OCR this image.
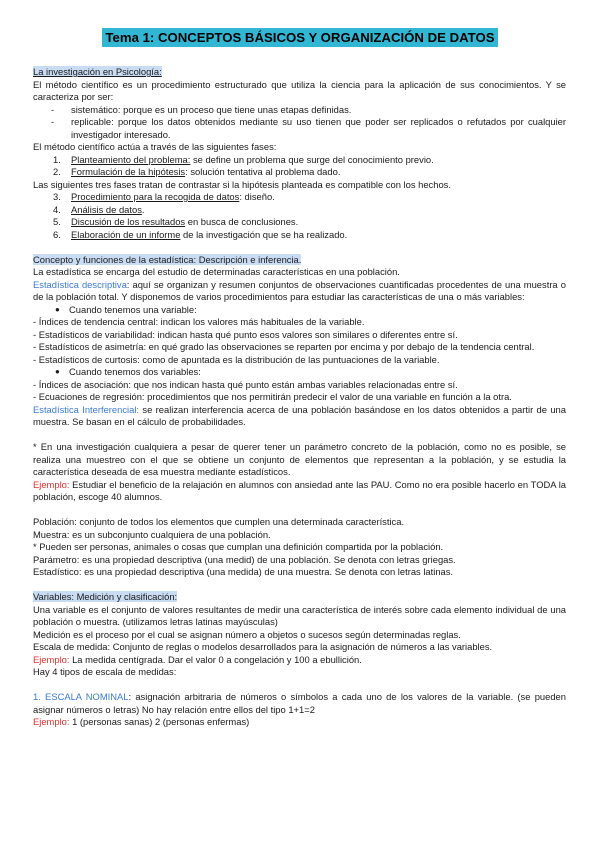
Tema 1: CONCEPTOS BÁSICOS Y ORGANIZACIÓN DE DATOS

La investigación en Psicología:

El método científico es un procedimiento estructurado que utiliza la ciencia para la aplicación de sus conocimientos. Y se caracteriza por ser:

-	sistemático: porque es un proceso que tiene unas etapas definidas.
-	replicable: porque los datos obtenidos mediante su uso tienen que poder ser replicados o refutados por cualquier investigador interesado.

El método científico actúa a través de las siguientes fases:

1.	Planteamiento del problema: se define un problema que surge del conocimiento previo.
2.	Formulación de la hipótesis: solución tentativa al problema dado.

Las siguientes tres fases tratan de contrastar si la hipótesis planteada es compatible con los hechos.

3.	Procedimiento para la recogida de datos: diseño.
4.	Análisis de datos.
5.	Discusión de los resultados en busca de conclusiones.
6.	Elaboración de un informe de la investigación que se ha realizado.

Concepto y funciones de la estadística: Descripción e inferencia.

La estadística se encarga del estudio de determinadas características en una población.

Estadística descriptiva: aquí se organizan y resumen conjuntos de observaciones cuantificadas procedentes de una muestra o de la población total. Y disponemos de varios procedimientos para estudiar las características de una o más variables:

● Cuando tenemos una variable:

- Índices de tendencia central: indican los valores más habituales de la variable.

- Estadísticos de variabilidad: indican hasta qué punto esos valores son similares o diferentes entre sí.

- Estadísticos de asimetría: en qué grado las observaciones se reparten por encima y por debajo de la tendencia central.

- Estadísticos de curtosis: como de apuntada es la distribución de las puntuaciones de la variable.

● Cuando tenemos dos variables:

- Índices de asociación: que nos indican hasta qué punto están ambas variables relacionadas entre sí.

- Ecuaciones de regresión: procedimientos que nos permitirán predecir el valor de una variable en función a la otra.

Estadística Interferencial: se realizan interferencia acerca de una población basándose en los datos obtenidos a partir de una muestra. Se basan en el cálculo de probabilidades.

* En una investigación cualquiera a pesar de querer tener un parámetro concreto de la población, como no es posible, se realiza una muestreo con el que se obtiene un conjunto de elementos que representan a la población, y se estudia la característica deseada de esa muestra mediante estadísticos.

Ejemplo: Estudiar el beneficio de la relajación en alumnos con ansiedad ante las PAU. Como no era posible hacerlo en TODA la población, escoge 40 alumnos.

Población: conjunto de todos los elementos que cumplen una determinada característica.

Muestra: es un subconjunto cualquiera de una población.

* Pueden ser personas, animales o cosas que cumplan una definición compartida por la población.

Parámetro: es una propiedad descriptiva (una medid) de una población. Se denota con letras griegas.

Estadístico: es una propiedad descriptiva (una medida) de una muestra. Se denota con letras latinas.

Variables: Medición y clasificación:

Una variable es el conjunto de valores resultantes de medir una característica de interés sobre cada elemento individual de una población o muestra. (utilizamos letras latinas mayúsculas)

Medición es el proceso por el cual se asignan número a objetos o sucesos según determinadas reglas.

Escala de medida: Conjunto de reglas o modelos desarrollados para la asignación de números a las variables.

Ejemplo: La medida centígrada. Dar el valor 0 a congelación y 100 a ebullición.

Hay 4 tipos de escala de medidas:

1. ESCALA NOMINAL: asignación arbitraria de números o símbolos a cada uno de los valores de la variable. (se pueden asignar números o letras) No hay relación entre ellos del tipo 1+1=2

Ejemplo: 1 (personas sanas) 2 (personas enfermas)
